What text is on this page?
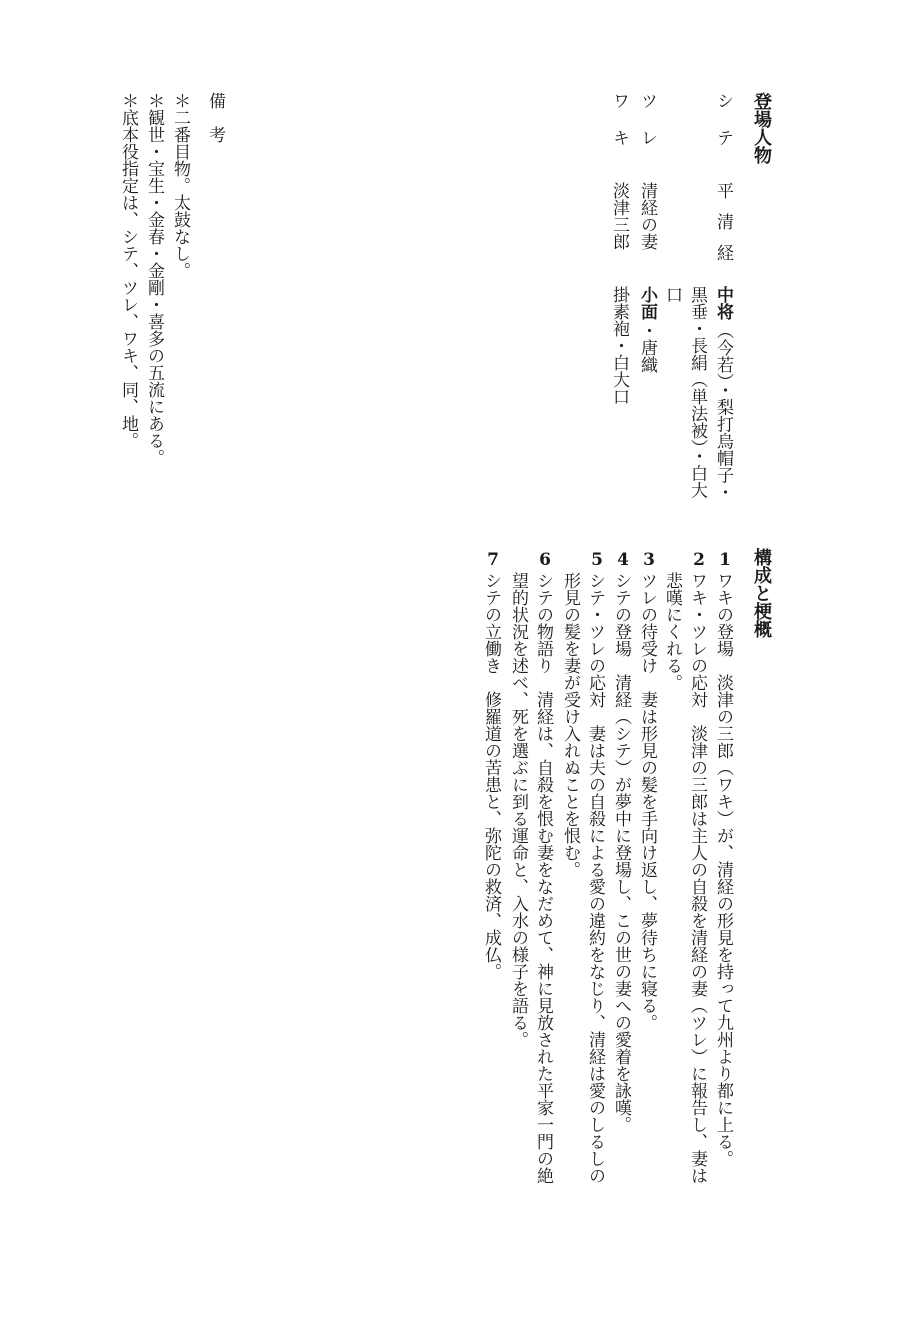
登場人物
シテ
平清経
中将
（今若）・梨打烏帽子・
黒垂・長絹（単法被）・白大
口
ツレ
清経の妻
小面
・唐織
ワキ
淡津三郎
掛素袍・白大口
備　考
＊二番目物。太鼓なし。
＊観世・宝生・金春・金剛・喜多の五流にある。
＊底本役指定は、シテ、ツレ、ワキ、同、地。
構成と梗概
1
ワキの登場　淡津の三郎（ワキ）が、清経の形見を持って九州より都に上る。
2
ワキ・ツレの応対　淡津の三郎は主人の自殺を清経の妻（ツレ）に報告し、妻は
悲嘆にくれる。
3
ツレの待受け　妻は形見の髪を手向け返し、夢待ちに寝る。
4
シテの登場　清経（シテ）が夢中に登場し、この世の妻への愛着を詠嘆。
5
シテ・ツレの応対　妻は夫の自殺による愛の違約をなじり、清経は愛のしるしの
形見の髪を妻が受け入れぬことを恨む。
6
シテの物語り　清経は、自殺を恨む妻をなだめて、神に見放された平家一門の絶
望的状況を述べ、死を選ぶに到る運命と、入水の様子を語る。
7
シテの立働き　修羅道の苦患と、弥陀の救済、成仏。
